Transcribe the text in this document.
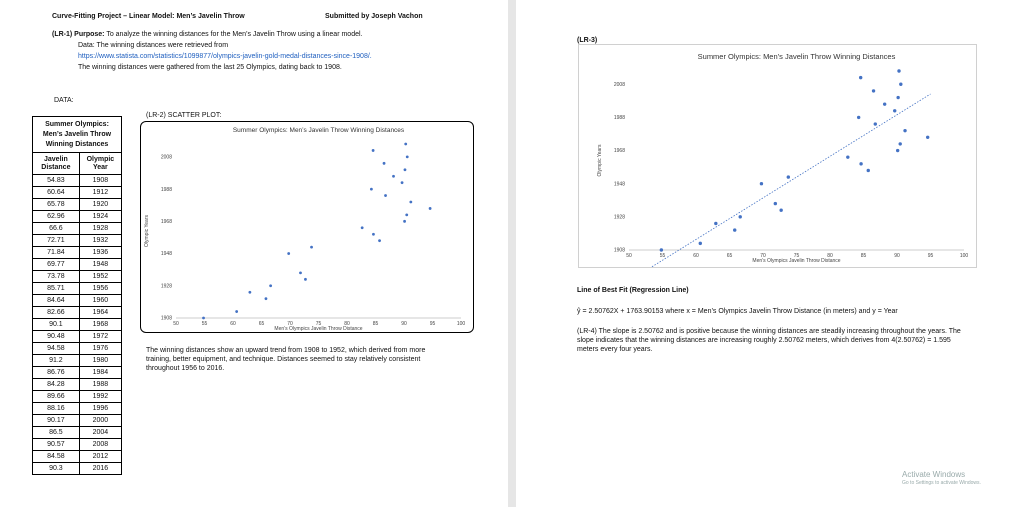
Curve-Fitting Project – Linear Model: Men’s Javelin Throw	Submitted by Joseph Vachon
(LR-1) Purpose: To analyze the winning distances for the Men’s Javelin Throw using a linear model.
Data: The winning distances were retrieved from
https://www.statista.com/statistics/1099877/olympics-javelin-gold-medal-distances-since-1908/.
The winning distances were gathered from the last 25 Olympics, dating back to 1908.
DATA:
Summer Olympics: Men’s Javelin Throw Winning Distances	
Javelin Distance	Olympic Year
54.83	1908
60.64	1912
65.78	1920
62.96	1924
66.6	1928
72.71	1932
71.84	1936
69.77	1948
73.78	1952
85.71	1956
84.64	1960
82.66	1964
90.1	1968
90.48	1972
94.58	1976
91.2	1980
86.76	1984
84.28	1988
89.66	1992
88.16	1996
90.17	2000
86.5	2004
90.57	2008
84.58	2012
90.3	2016
(LR-2) SCATTER PLOT:
Summer Olympics: Men’s Javelin Throw Winning Distances
50	55	60	65	70	75	80	85	90	95	100
1908
1928
1948
1968
1988
2008
Men’s Olympics Javelin Throw Distance
Olympic Years
The winning distances show an upward trend from 1908 to 1952, which derived from more training, better equipment, and technique. Distances seemed to stay relatively consistent throughout 1956 to 2016.
(LR-3)
Summer Olympics: Men’s Javelin Throw Winning Distances
50	55	60	65	70	75	80	85	90	95	100
1908
1928
1948
1968
1988
2008
Men’s Olympics Javelin Throw Distance
Olympic Years
Line of Best Fit (Regression Line)
ŷ = 2.50762X + 1763.90153 where x = Men’s Olympics Javelin Throw Distance (in meters) and y = Year
(LR-4) The slope is 2.50762 and is positive because the winning distances are steadily increasing throughout the years. The slope indicates that the winning distances are increasing roughly 2.50762 meters, which derives from 4(2.50762) = 1.595 meters every four years.
Activate Windows
Go to Settings to activate Windows.
